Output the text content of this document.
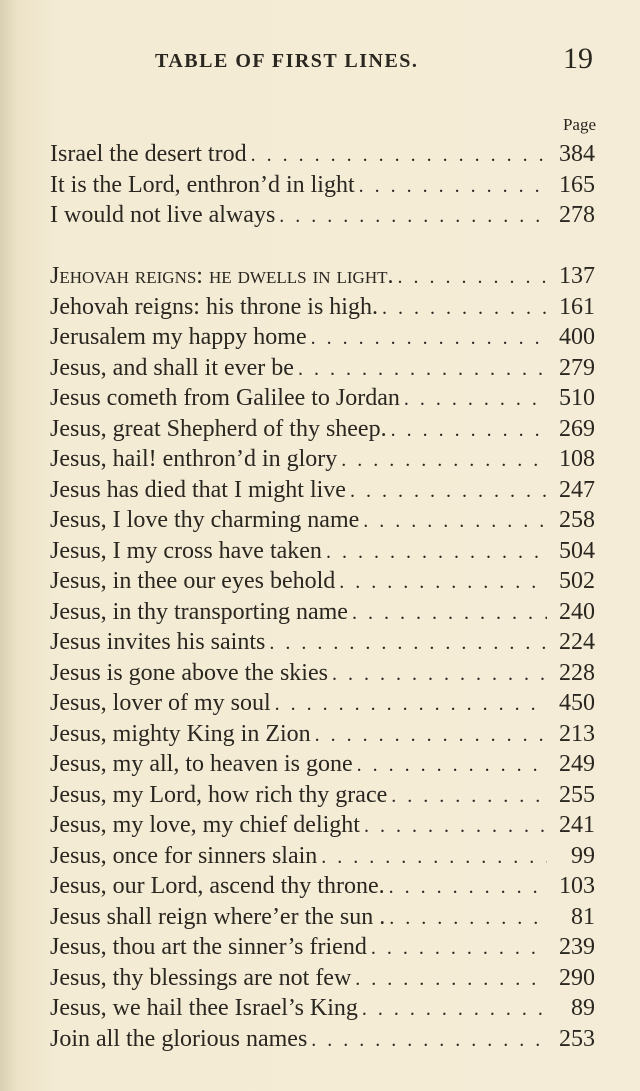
TABLE OF FIRST LINES.	19
Page
Israel the desert trod . . .	384
It is the Lord, enthron’d in light . . .	165
I would not live always . . .	278
Jehovah reigns: he dwells in light. . . .	137
Jehovah reigns: his throne is high. . . .	161
Jerusalem my happy home . . .	400
Jesus, and shall it ever be . . .	279
Jesus cometh from Galilee to Jordan . . .	510
Jesus, great Shepherd of thy sheep. . . .	269
Jesus, hail! enthron’d in glory . . .	108
Jesus has died that I might live . . .	247
Jesus, I love thy charming name . . .	258
Jesus, I my cross have taken . . .	504
Jesus, in thee our eyes behold . . .	502
Jesus, in thy transporting name . . .	240
Jesus invites his saints . . .	224
Jesus is gone above the skies . . .	228
Jesus, lover of my soul . . .	450
Jesus, mighty King in Zion . . .	213
Jesus, my all, to heaven is gone . . .	249
Jesus, my Lord, how rich thy grace . . .	255
Jesus, my love, my chief delight . . .	241
Jesus, once for sinners slain . . .	99
Jesus, our Lord, ascend thy throne. . . .	103
Jesus shall reign where’er the sun . . . .	81
Jesus, thou art the sinner’s friend . . .	239
Jesus, thy blessings are not few . . .	290
Jesus, we hail thee Israel’s King . . .	89
Join all the glorious names . . .	253
